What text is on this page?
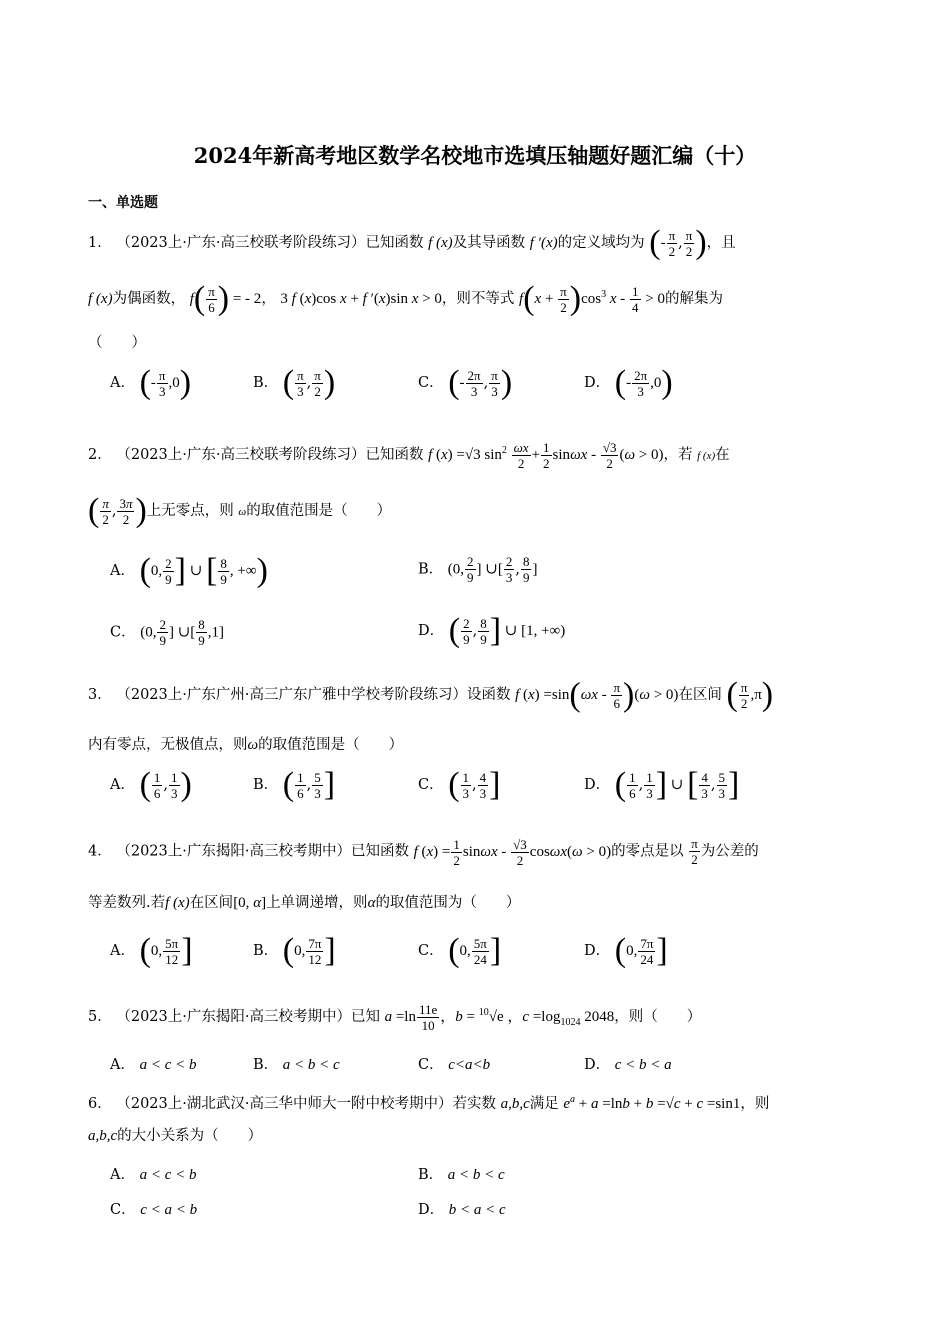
2024年新高考地区数学名校地市选填压轴题好题汇编（十）
一、单选题
1． （2023上·广东·高三校联考阶段练习）已知函数 f (x)及其导函数 f ′(x)的定义域均为 (- $\frac{\pi}{2}$ , $\frac{\pi}{2}$ )，且
f (x)为偶函数， $f( \frac{\pi}{6}$ ) = - 2， 3 f (x)cos x + f ′(x)sin x > 0，则不等式 $f(x + \frac{\pi}{2} )\cos^3$ $x - \frac{1}{4} > 0$的解集为
（　　）
A． (- $\frac{\pi}{3} ,0$)	B． ( $\frac{\pi}{3}$ , $\frac{\pi}{2}$ )	C． (- $\frac{2\pi}{3}$ , $\frac{\pi}{3}$ )	D． (- $\frac{2\pi}{3} ,0$)
2． （2023上·广东·高三校联考阶段练习）已知函数 f (x) =√3 $\sin^2 \frac{\omega x}{2} + \frac{1}{2}$ $\sin\omega x - \frac{√3}{2} (\omega > 0)$，若 f (x)在
( $\frac{\pi}{2}$ , $\frac{3\pi}{2}$ )上无零点，则 ω的取值范围是（　　）
A． (0, $\frac{2}{9}$ ] ∪ [ $\frac{8}{9}$ , +∞)	B． (0, $\frac{2}{9}$ ] ∪[ $\frac{2}{3}$ , $\frac{8}{9}$ ]
C． (0, $\frac{2}{9}$ ] ∪[ $\frac{8}{9} ,1$]	D． ( $\frac{2}{9}$ , $\frac{8}{9}$ ] ∪ [1, +∞)
3． （2023上·广东广州·高三广东广雅中学校考阶段练习）设函数 f $(x) =\sin(\omega x - \frac{\pi}{6} )(\omega > 0)$在区间 ( $\frac{\pi}{2} ,\pi$)
内有零点，无极值点，则ω的取值范围是（　　）
A． ( $\frac{1}{6}$ , $\frac{1}{3}$ )	B． ( $\frac{1}{6}$ , $\frac{5}{3}$ ]	C． ( $\frac{1}{3}$ , $\frac{4}{3}$ ]	D． ( $\frac{1}{6}$ , $\frac{1}{3}$ ] ∪ [ $\frac{4}{3}$ , $\frac{5}{3}$ ]
4． （2023上·广东揭阳·高三校考期中）已知函数 f $(x) = \frac{1}{2}$ $\sin\omega x - \frac{√3}{2} \cos\omega x(\omega > 0)$的零点是以 $\frac{\pi}{2}$ 为公差的
等差数列.若f (x)在区间[0, α]上单调递增，则α的取值范围为（　　）
A． (0, $\frac{5\pi}{12}$ ]	B． (0, $\frac{7\pi}{12}$ ]	C． (0, $\frac{5\pi}{24}$ ]	D． (0, $\frac{7\pi}{24}$ ]
5． （2023上·广东揭阳·高三校考期中）已知 $a =\ln \frac{11e}{10}$ ，b = $^{10}$√e ，$c =\log_{1024}$ 2048，则（　　）
A． a < c < b	B． a < b < c	C． c<a<b	D． c < b < a
6． （2023上·湖北武汉·高三华中师大一附中校考期中）若实数 a,b,c满足 $e^a + a =\ln b + b =√c + c =\sin 1$，则
a,b,c的大小关系为（　　）
A． a < c < b	B． a < b < c
C． c < a < b	D． b < a < c
